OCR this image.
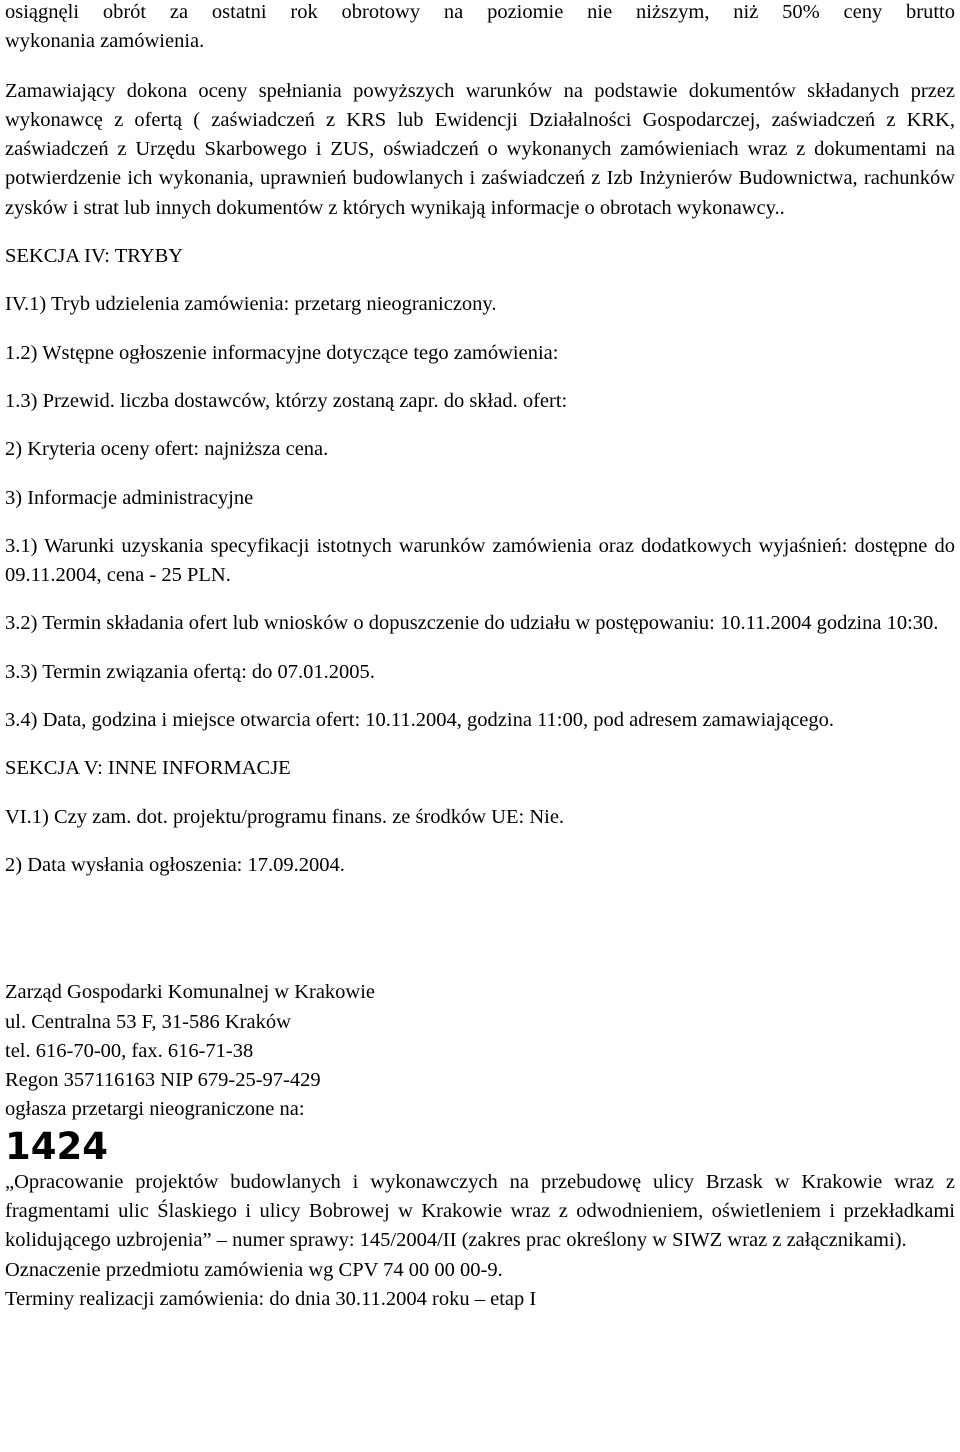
osiągnęli obrót za ostatni rok obrotowy na poziomie nie niższym, niż 50% ceny brutto

wykonania zamówienia.

Zamawiający dokona oceny spełniania powyższych warunków na podstawie dokumentów składanych przez wykonawcę z ofertą ( zaświadczeń z KRS lub Ewidencji Działalności Gospodarczej, zaświadczeń z KRK, zaświadczeń z Urzędu Skarbowego i ZUS, oświadczeń o wykonanych zamówieniach wraz z dokumentami na potwierdzenie ich wykonania, uprawnień budowlanych i zaświadczeń z Izb Inżynierów Budownictwa, rachunków zysków i strat lub innych dokumentów z których wynikają informacje o obrotach wykonawcy..

SEKCJA IV: TRYBY

IV.1) Tryb udzielenia zamówienia: przetarg nieograniczony.

1.2) Wstępne ogłoszenie informacyjne dotyczące tego zamówienia:

1.3) Przewid. liczba dostawców, którzy zostaną zapr. do skład. ofert:

2) Kryteria oceny ofert: najniższa cena.

3) Informacje administracyjne

3.1) Warunki uzyskania specyfikacji istotnych warunków zamówienia oraz dodatkowych wyjaśnień: dostępne do 09.11.2004, cena - 25 PLN.

3.2) Termin składania ofert lub wniosków o dopuszczenie do udziału w postępowaniu: 10.11.2004 godzina 10:30.

3.3) Termin związania ofertą: do 07.01.2005.

3.4) Data, godzina i miejsce otwarcia ofert: 10.11.2004, godzina 11:00, pod adresem zamawiającego.

SEKCJA V: INNE INFORMACJE

VI.1) Czy zam. dot. projektu/programu finans. ze środków UE: Nie.

2) Data wysłania ogłoszenia: 17.09.2004.

Zarząd Gospodarki Komunalnej w Krakowie

ul. Centralna 53 F, 31-586 Kraków

tel. 616-70-00, fax. 616-71-38

Regon 357116163 NIP 679-25-97-429

ogłasza przetargi nieograniczone na:

1424

„Opracowanie projektów budowlanych i wykonawczych na przebudowę ulicy Brzask w Krakowie wraz z fragmentami ulic Ślaskiego i ulicy Bobrowej w Krakowie wraz z odwodnieniem, oświetleniem i przekładkami kolidującego uzbrojenia” – numer sprawy: 145/2004/II (zakres prac określony w SIWZ wraz z załącznikami).

Oznaczenie przedmiotu zamówienia wg CPV 74 00 00 00-9.

Terminy realizacji zamówienia: do dnia 30.11.2004 roku – etap I
